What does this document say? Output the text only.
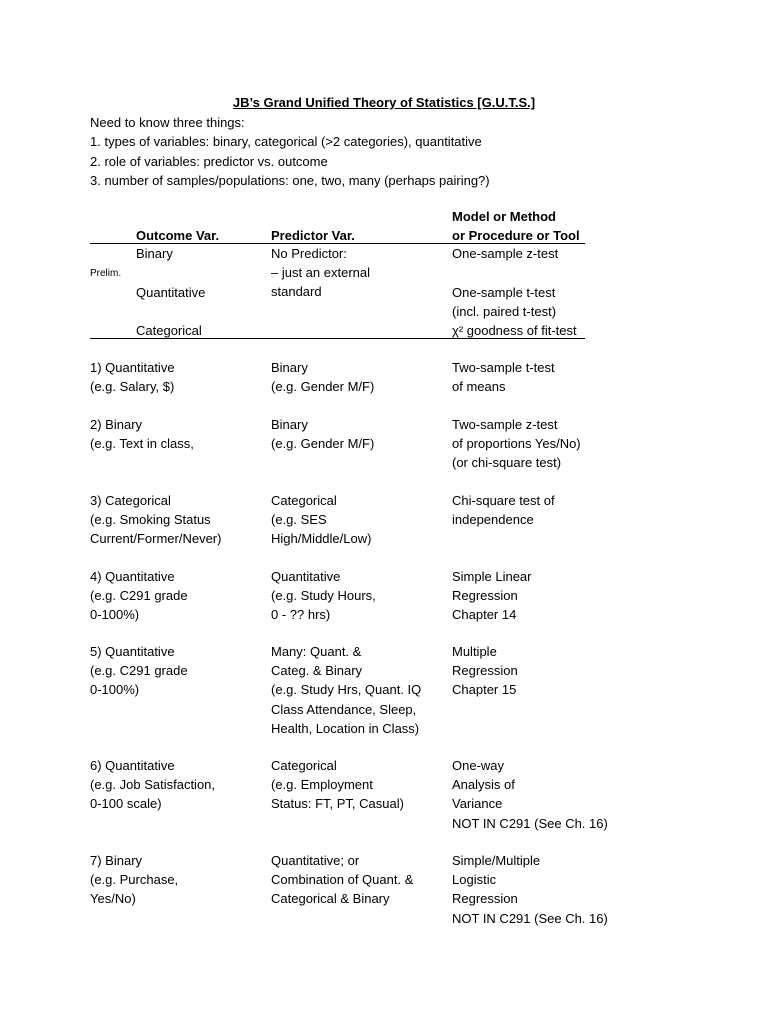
JB’s Grand Unified Theory of Statistics [G.U.T.S.]
Need to know three things:
1. types of variables: binary, categorical (>2 categories), quantitative
2. role of variables: predictor vs. outcome
3. number of samples/populations: one, two, many (perhaps pairing?)
Outcome Var.	Predictor Var.
Model or Method
or Procedure or Tool
Prelim.
Binary
Quantitative
Categorical
No Predictor:
– just an external
standard
One-sample z-test
One-sample t-test
(incl. paired t-test)
χ² goodness of fit-test
1) Quantitative
(e.g. Salary, $)
Binary
(e.g. Gender M/F)
Two-sample t-test
of means
2) Binary
(e.g. Text in class,
Binary
(e.g. Gender M/F)
Two-sample z-test
of proportions Yes/No)
(or chi-square test)
3) Categorical
(e.g. Smoking Status
Current/Former/Never)
Categorical
(e.g. SES
High/Middle/Low)
Chi-square test of
independence
4) Quantitative
(e.g. C291 grade
0-100%)
Quantitative
(e.g. Study Hours,
0 - ?? hrs)
Simple Linear
Regression
Chapter 14
5) Quantitative
(e.g. C291 grade
0-100%)
Many: Quant. &
Categ. & Binary
(e.g. Study Hrs, Quant. IQ
Class Attendance, Sleep,
Health, Location in Class)
Multiple
Regression
Chapter 15
6) Quantitative
(e.g. Job Satisfaction,
0-100 scale)
Categorical
(e.g. Employment
Status: FT, PT, Casual)
One-way
Analysis of
Variance
NOT IN C291 (See Ch. 16)
7) Binary
(e.g. Purchase,
Yes/No)
Quantitative; or
Combination of Quant. &
Categorical & Binary
Simple/Multiple
Logistic
Regression
NOT IN C291 (See Ch. 16)
